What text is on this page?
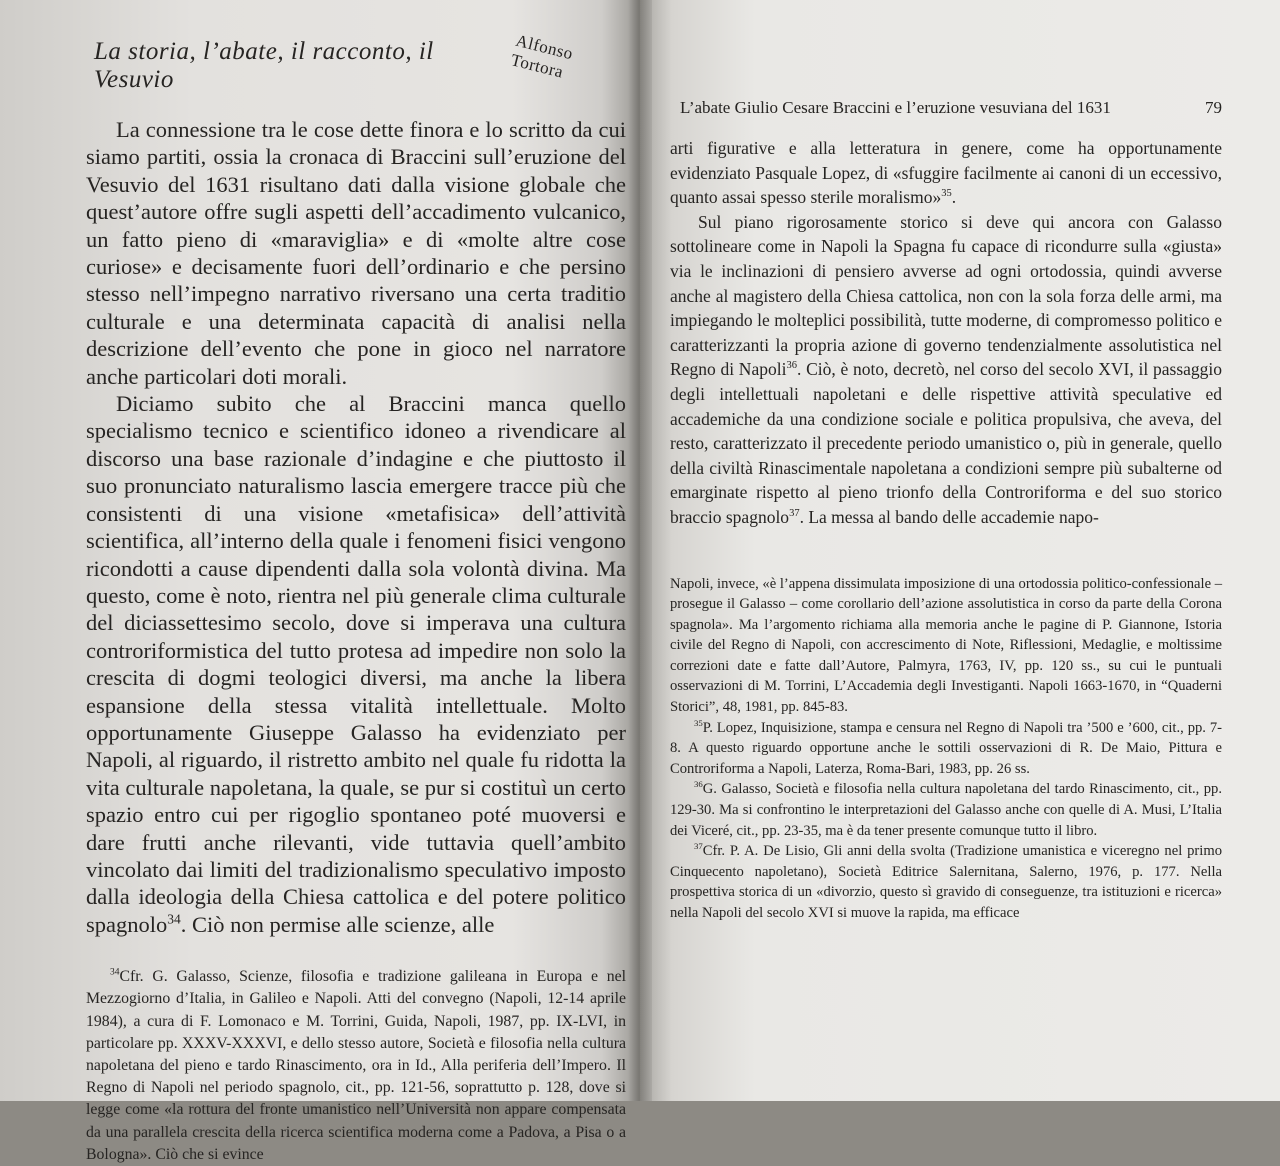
La storia, l’abate, il racconto, il Vesuvio
Alfonso Tortora

La connessione tra le cose dette finora e lo scritto da cui siamo partiti, ossia la cronaca di Braccini sull’eruzione del Vesuvio del 1631 risultano dati dalla visione globale che quest’autore offre sugli aspetti dell’accadimento vulcanico, un fatto pieno di «maraviglia» e di «molte altre cose curiose» e decisamente fuori dell’ordinario e che persino stesso nell’impegno narrativo riversano una certa traditio culturale e una determinata capacità di analisi nella descrizione dell’evento che pone in gioco nel narratore anche particolari doti morali.

Diciamo subito che al Braccini manca quello specialismo tecnico e scientifico idoneo a rivendicare al discorso una base razionale d’indagine e che piuttosto il suo pronunciato naturalismo lascia emergere tracce più che consistenti di una visione «metafisica» dell’attività scientifica, all’interno della quale i fenomeni fisici vengono ricondotti a cause dipendenti dalla sola volontà divina. Ma questo, come è noto, rientra nel più generale clima culturale del diciassettesimo secolo, dove si imperava una cultura controriformistica del tutto protesa ad impedire non solo la crescita di dogmi teologici diversi, ma anche la libera espansione della stessa vitalità intellettuale. Molto opportunamente Giuseppe Galasso ha evidenziato per Napoli, al riguardo, il ristretto ambito nel quale fu ridotta la vita culturale napoletana, la quale, se pur si costituì un certo spazio entro cui per rigoglio spontaneo poté muoversi e dare frutti anche rilevanti, vide tuttavia quell’ambito vincolato dai limiti del tradizionalismo speculativo imposto dalla ideologia della Chiesa cattolica e del potere politico spagnolo$^{34}$. Ciò non permise alle scienze, alle

$^{34}$Cfr. G. Galasso, Scienze, filosofia e tradizione galileana in Europa e nel Mezzogiorno d’Italia, in Galileo e Napoli. Atti del convegno (Napoli, 12-14 aprile 1984), a cura di F. Lomonaco e M. Torrini, Guida, Napoli, 1987, pp. IX-LVI, in particolare pp. XXXV-XXXVI, e dello stesso autore, Società e filosofia nella cultura napoletana del pieno e tardo Rinascimento, ora in Id., Alla periferia dell’Impero. Il Regno di Napoli nel periodo spagnolo, cit., pp. 121-56, soprattutto p. 128, dove si legge come «la rottura del fronte umanistico nell’Università non appare compensata da una parallela crescita della ricerca scientifica moderna come a Padova, a Pisa o a Bologna». Ciò che si evince

L’abate Giulio Cesare Braccini e l’eruzione vesuviana del 1631	79

arti figurative e alla letteratura in genere, come ha opportunamente evidenziato Pasquale Lopez, di «sfuggire facilmente ai canoni di un eccessivo, quanto assai spesso sterile moralismo»$^{35}$.

Sul piano rigorosamente storico si deve qui ancora con Galasso sottolineare come in Napoli la Spagna fu capace di ricondurre sulla «giusta» via le inclinazioni di pensiero avverse ad ogni ortodossia, quindi avverse anche al magistero della Chiesa cattolica, non con la sola forza delle armi, ma impiegando le molteplici possibilità, tutte moderne, di compromesso politico e caratterizzanti la propria azione di governo tendenzialmente assolutistica nel Regno di Napoli$^{36}$. Ciò, è noto, decretò, nel corso del secolo XVI, il passaggio degli intellettuali napoletani e delle rispettive attività speculative ed accademiche da una condizione sociale e politica propulsiva, che aveva, del resto, caratterizzato il precedente periodo umanistico o, più in generale, quello della civiltà Rinascimentale napoletana a condizioni sempre più subalterne od emarginate rispetto al pieno trionfo della Controriforma e del suo storico braccio spagnolo$^{37}$. La messa al bando delle accademie napo-

Napoli, invece, «è l’appena dissimulata imposizione di una ortodossia politico-confessionale – prosegue il Galasso – come corollario dell’azione assolutistica in corso da parte della Corona spagnola». Ma l’argomento richiama alla memoria anche le pagine di P. Giannone, Istoria civile del Regno di Napoli, con accrescimento di Note, Riflessioni, Medaglie, e moltissime correzioni date e fatte dall’Autore, Palmyra, 1763, IV, pp. 120 ss., su cui le puntuali osservazioni di M. Torrini, L’Accademia degli Investiganti. Napoli 1663-1670, in “Quaderni Storici”, 48, 1981, pp. 845-83.

$^{35}$P. Lopez, Inquisizione, stampa e censura nel Regno di Napoli tra ’500 e ’600, cit., pp. 7-8. A questo riguardo opportune anche le sottili osservazioni di R. De Maio, Pittura e Controriforma a Napoli, Laterza, Roma-Bari, 1983, pp. 26 ss.

$^{36}$G. Galasso, Società e filosofia nella cultura napoletana del tardo Rinascimento, cit., pp. 129-30. Ma si confrontino le interpretazioni del Galasso anche con quelle di A. Musi, L’Italia dei Viceré, cit., pp. 23-35, ma è da tener presente comunque tutto il libro.

$^{37}$Cfr. P. A. De Lisio, Gli anni della svolta (Tradizione umanistica e viceregno nel primo Cinquecento napoletano), Società Editrice Salernitana, Salerno, 1976, p. 177. Nella prospettiva storica di un «divorzio, questo sì gravido di conseguenze, tra istituzioni e ricerca» nella Napoli del secolo XVI si muove la rapida, ma efficace
